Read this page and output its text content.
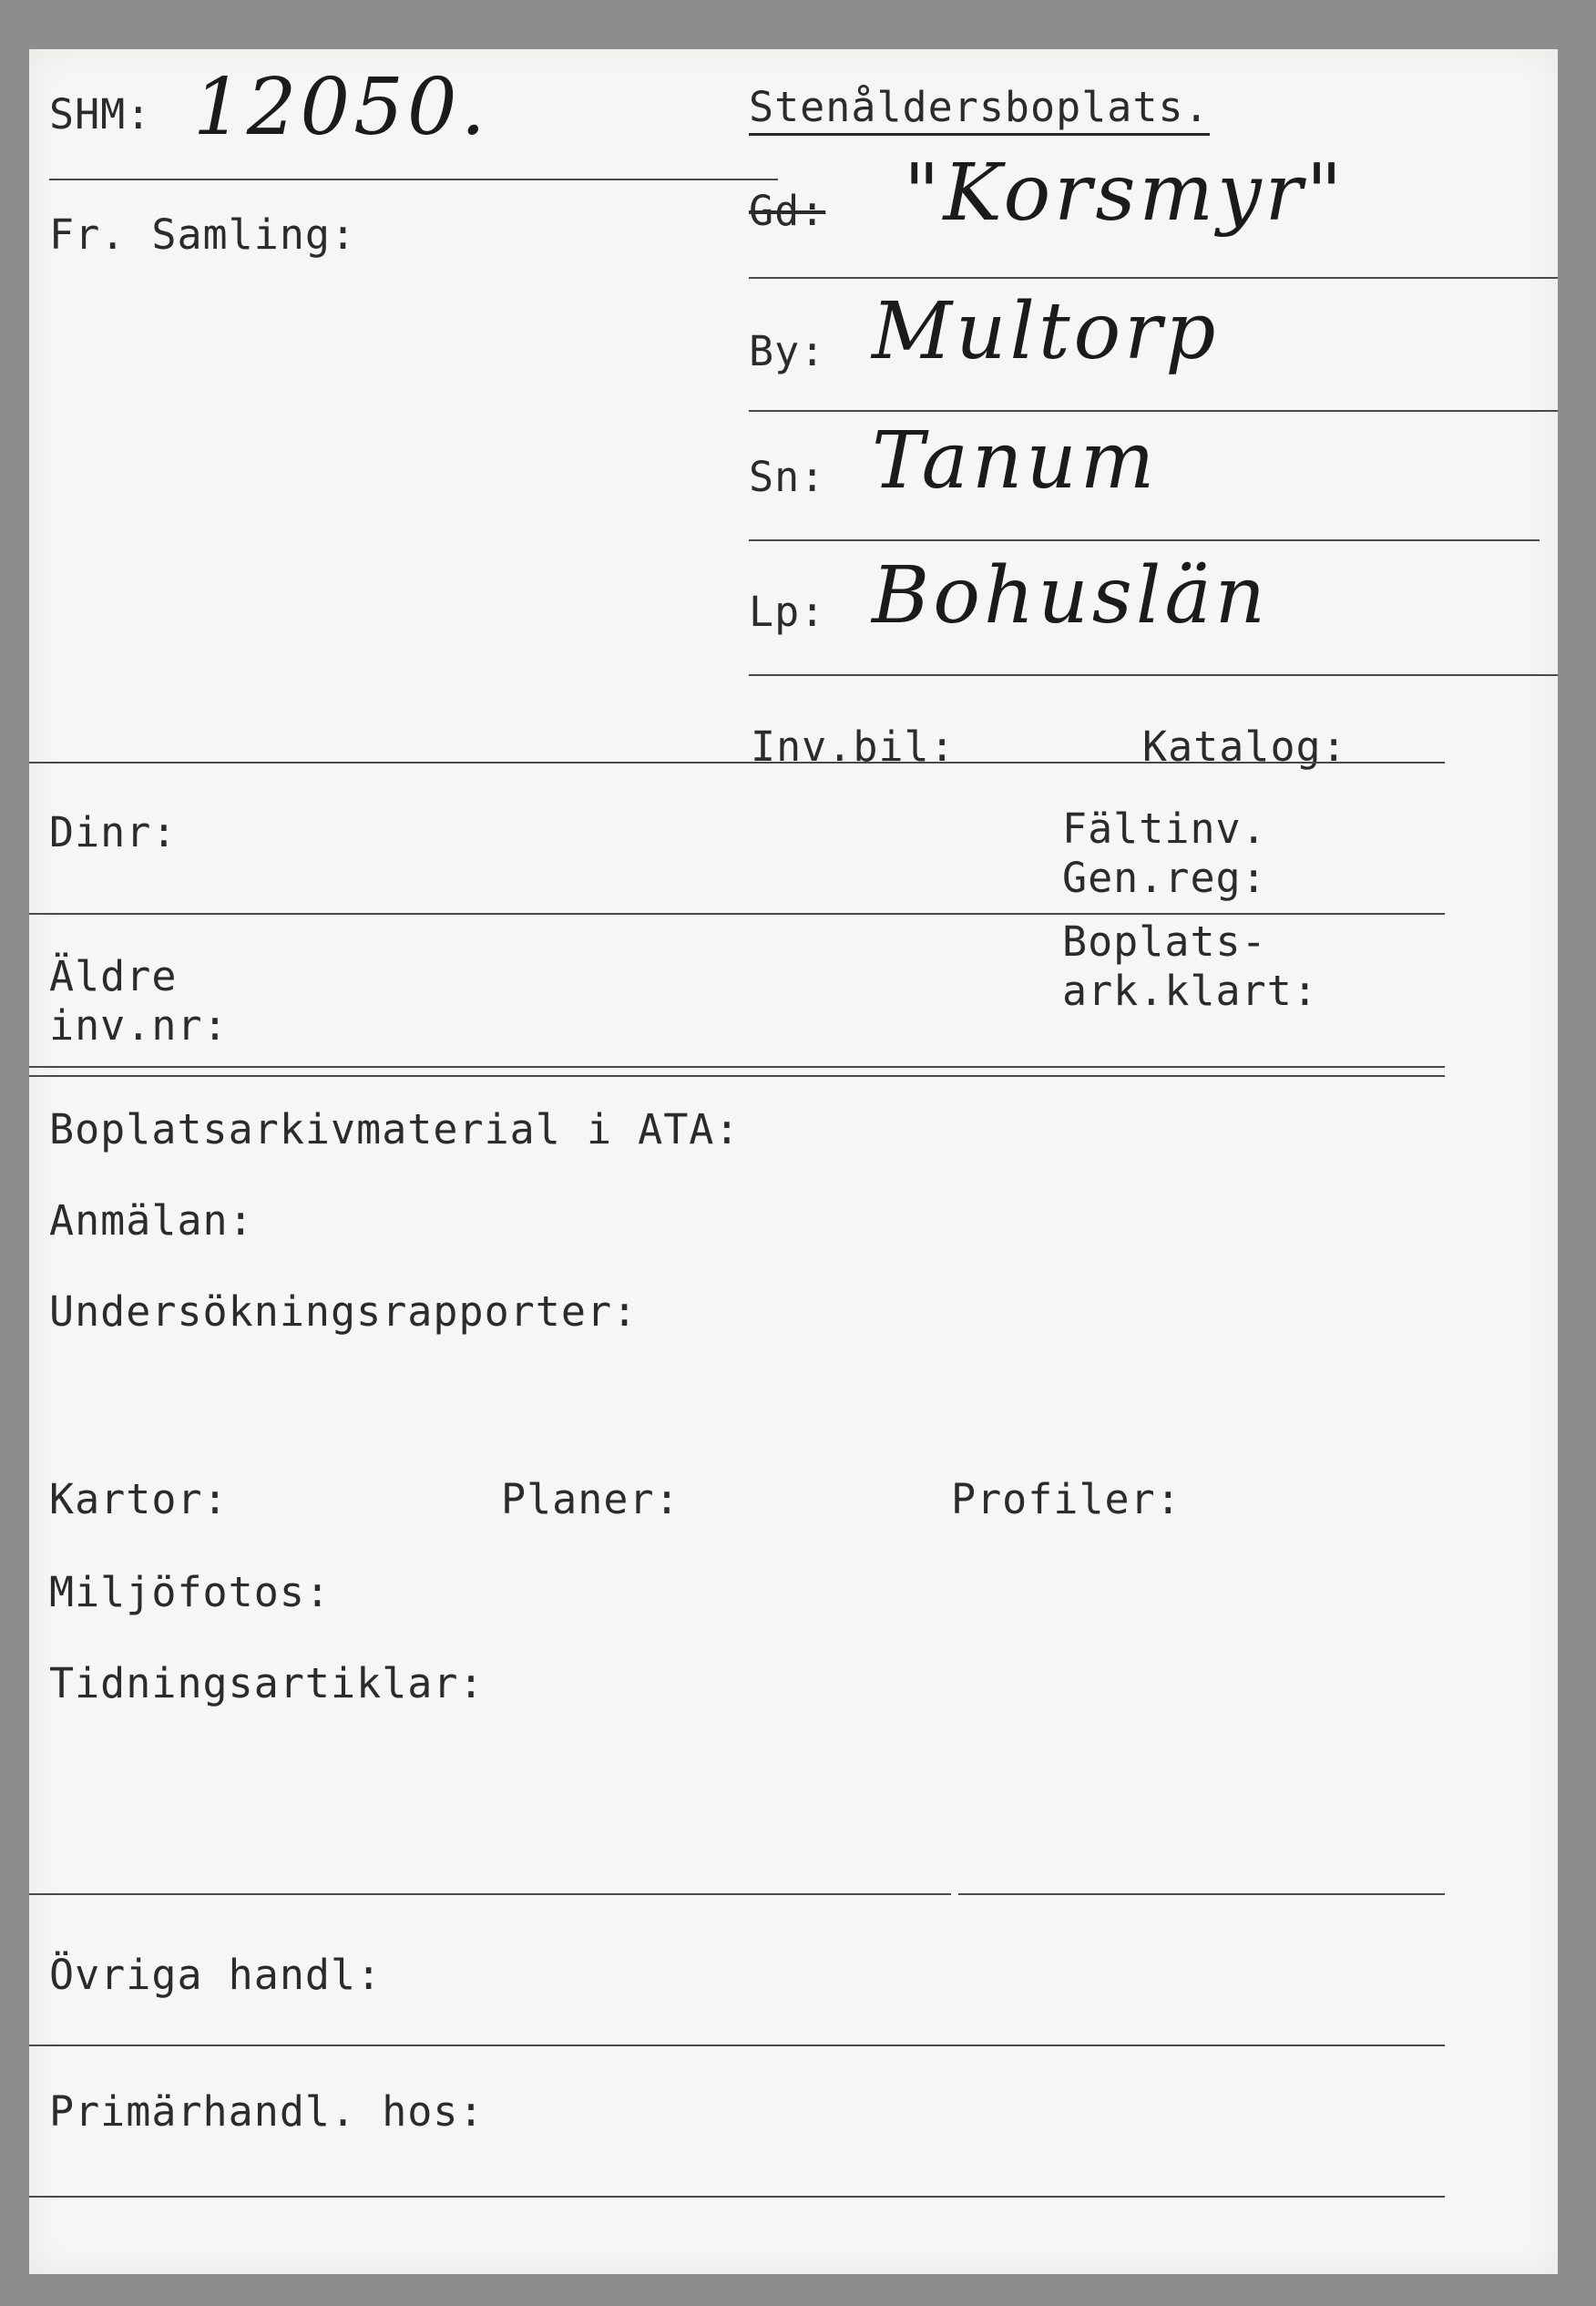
SHM: 12050.
Fr. Samling:
Stenåldersboplats.
Gd: "Korsmyr"
By: Multorp
Sn: Tanum
Lp: Bohuslän
Inv.bil:	Katalog:
Dinr:	Fältinv.
Gen.reg:
Äldre
inv.nr:
Boplats-
ark.klart:
Boplatsarkivmaterial i ATA:
Anmälan:
Undersökningsrapporter:
Kartor:	Planer:	Profiler:
Miljöfotos:
Tidningsartiklar:
Övriga handl:
Primärhandl. hos:
